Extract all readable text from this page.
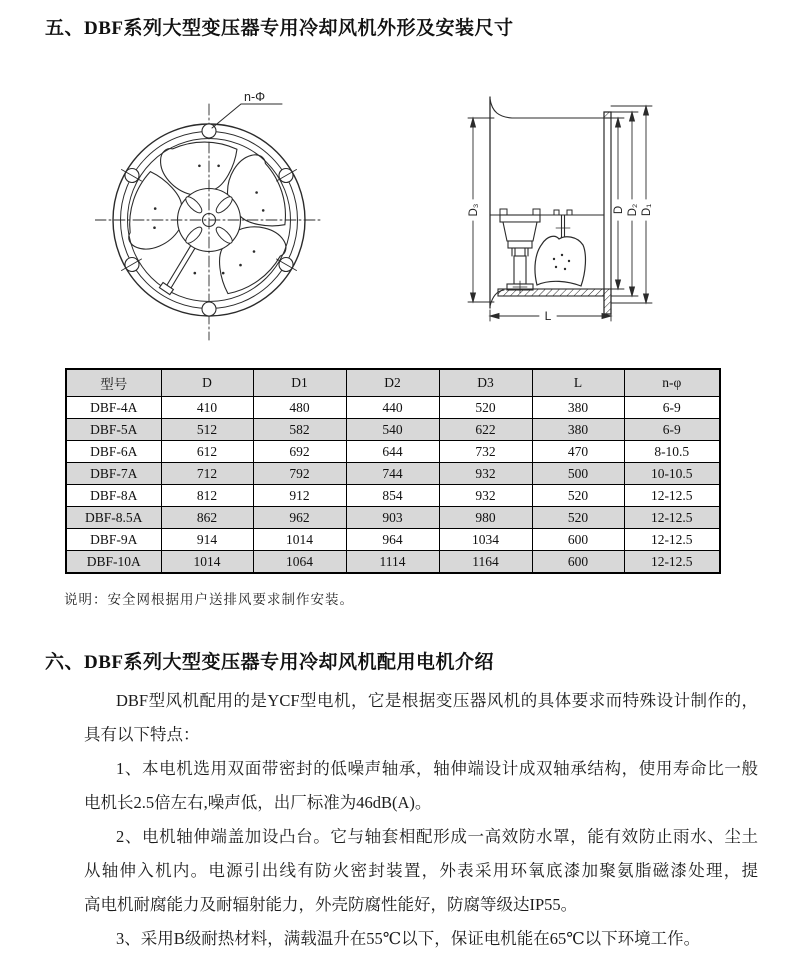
五、DBF系列大型变压器专用冷却风机外形及安装尺寸
n-Φ
D₃
L
D D₂ D₁
型号	D	D1	D2	D3	L	n-φ
DBF-4A	410	480	440	520	380	6-9
DBF-5A	512	582	540	622	380	6-9
DBF-6A	612	692	644	732	470	8-10.5
DBF-7A	712	792	744	932	500	10-10.5
DBF-8A	812	912	854	932	520	12-12.5
DBF-8.5A	862	962	903	980	520	12-12.5
DBF-9A	914	1014	964	1034	600	12-12.5
DBF-10A	1014	1064	1114	1164	600	12-12.5
说明：安全网根据用户送排风要求制作安装。
六、DBF系列大型变压器专用冷却风机配用电机介绍
DBF型风机配用的是YCF型电机，它是根据变压器风机的具体要求而特殊设计制作的，
具有以下特点：
1、本电机选用双面带密封的低噪声轴承，轴伸端设计成双轴承结构，使用寿命比一般
电机长2.5倍左右,噪声低，出厂标准为46dB(A)。
2、电机轴伸端盖加设凸台。它与轴套相配形成一高效防水罩，能有效防止雨水、尘土
从轴伸入机内。电源引出线有防火密封装置，外表采用环氧底漆加聚氨脂磁漆处理，提
高电机耐腐能力及耐辐射能力，外壳防腐性能好，防腐等级达IP55。
3、采用B级耐热材料，满载温升在55℃以下，保证电机能在65℃以下环境工作。
